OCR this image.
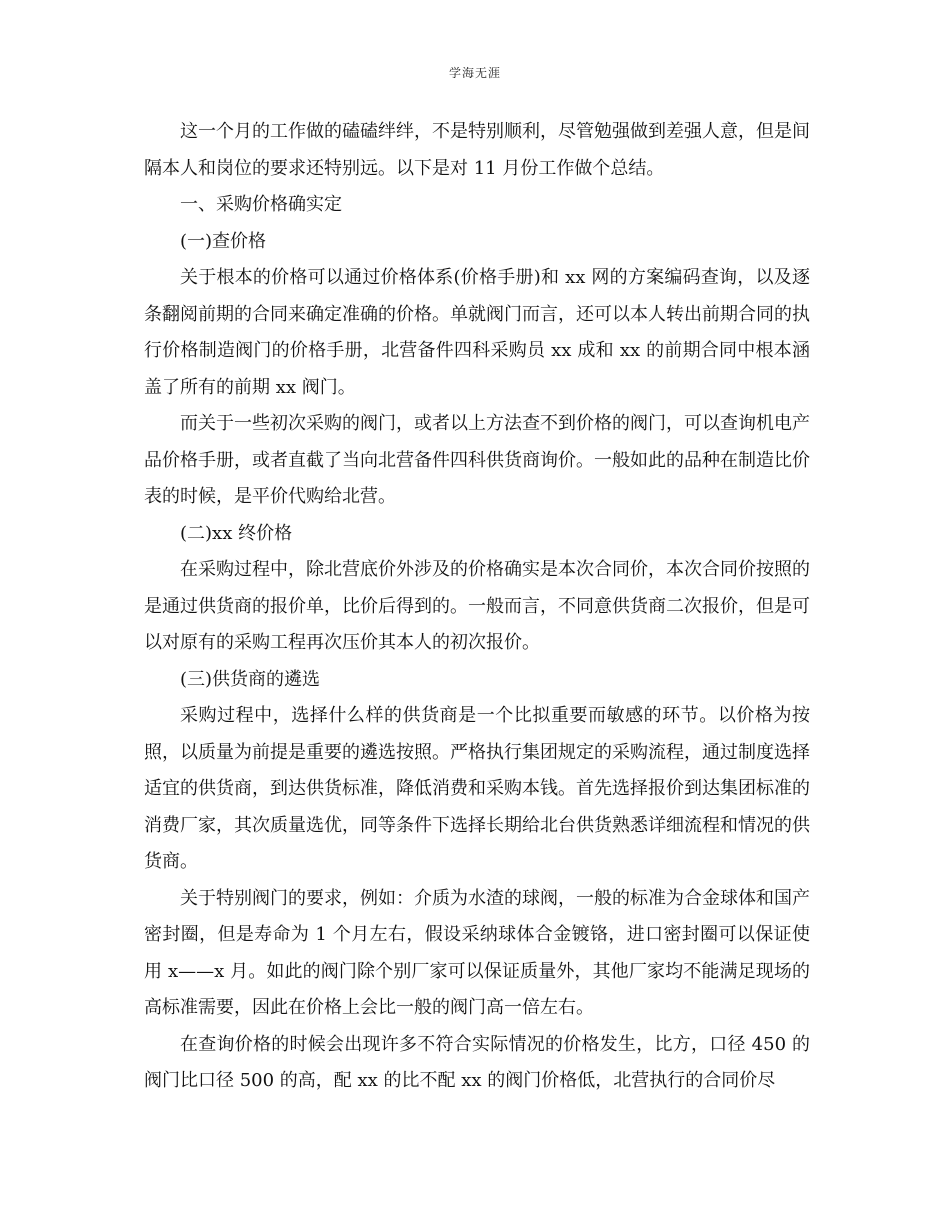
学海无涯

这一个月的工作做的磕磕绊绊，不是特别顺利，尽管勉强做到差强人意，但是间隔本人和岗位的要求还特别远。以下是对 11 月份工作做个总结。

一、采购价格确实定

(一)查价格

关于根本的价格可以通过价格体系(价格手册)和 xx 网的方案编码查询，以及逐条翻阅前期的合同来确定准确的价格。单就阀门而言，还可以本人转出前期合同的执行价格制造阀门的价格手册，北营备件四科采购员 xx 成和 xx 的前期合同中根本涵盖了所有的前期 xx 阀门。

而关于一些初次采购的阀门，或者以上方法查不到价格的阀门，可以查询机电产品价格手册，或者直截了当向北营备件四科供货商询价。一般如此的品种在制造比价表的时候，是平价代购给北营。

(二)xx 终价格

在采购过程中，除北营底价外涉及的价格确实是本次合同价，本次合同价按照的是通过供货商的报价单，比价后得到的。一般而言，不同意供货商二次报价，但是可以对原有的采购工程再次压价其本人的初次报价。

(三)供货商的遴选

采购过程中，选择什么样的供货商是一个比拟重要而敏感的环节。以价格为按照，以质量为前提是重要的遴选按照。严格执行集团规定的采购流程，通过制度选择适宜的供货商，到达供货标准，降低消费和采购本钱。首先选择报价到达集团标准的消费厂家，其次质量选优，同等条件下选择长期给北台供货熟悉详细流程和情况的供货商。

关于特别阀门的要求，例如：介质为水渣的球阀，一般的标准为合金球体和国产密封圈，但是寿命为 1 个月左右，假设采纳球体合金镀铬，进口密封圈可以保证使用 x——x 月。如此的阀门除个别厂家可以保证质量外，其他厂家均不能满足现场的高标准需要，因此在价格上会比一般的阀门高一倍左右。

在查询价格的时候会出现许多不符合实际情况的价格发生，比方，口径 450 的阀门比口径 500 的高，配 xx 的比不配 xx 的阀门价格低，北营执行的合同价尽
